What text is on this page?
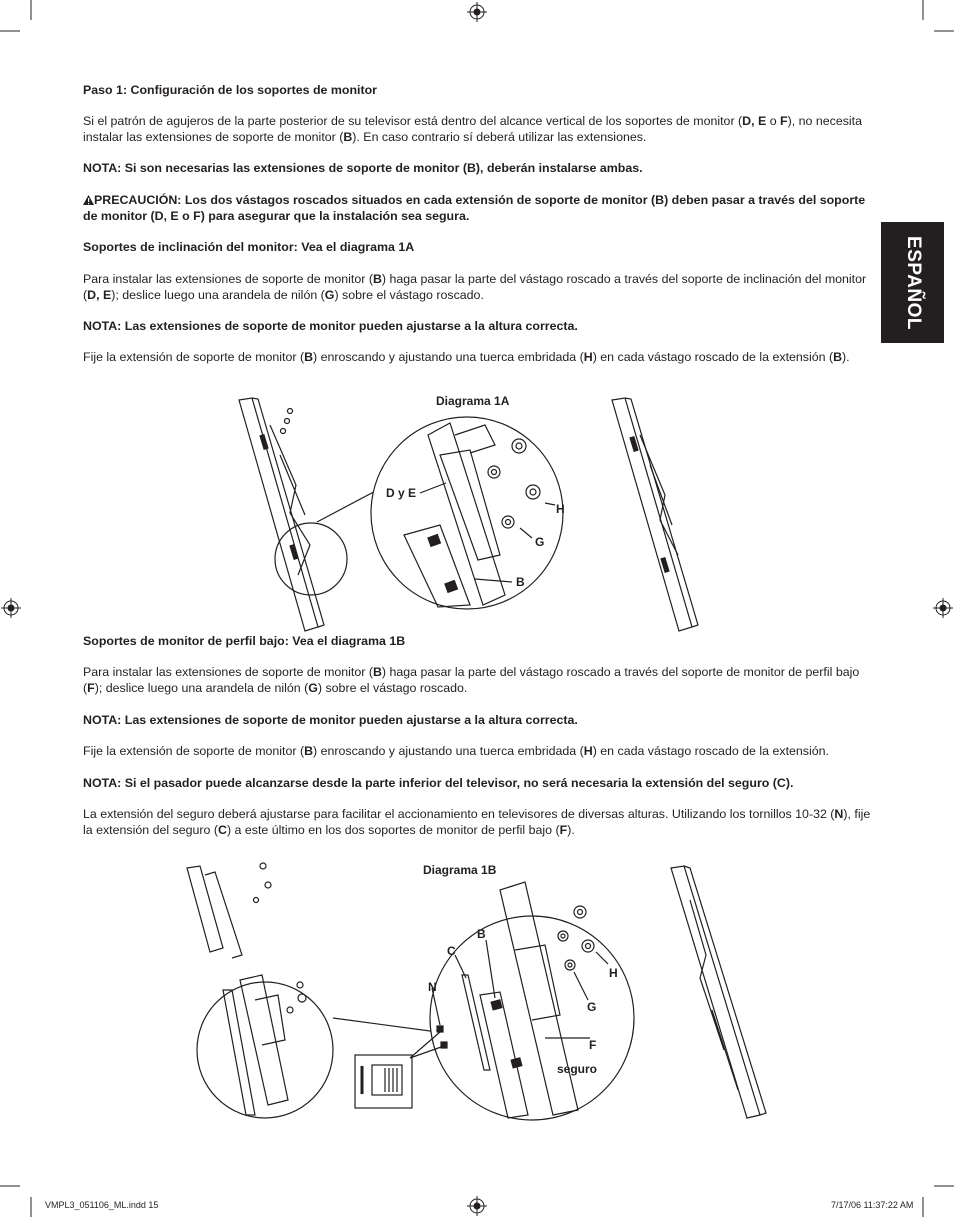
ESPAÑOL

Paso 1: Configuración de los soportes de monitor

Si el patrón de agujeros de la parte posterior de su televisor está dentro del alcance vertical de los soportes de monitor (D, E o F), no necesita instalar las extensiones de soporte de monitor (B). En caso contrario sí deberá utilizar las extensiones.

NOTA: Si son necesarias las extensiones de soporte de monitor (B), deberán instalarse ambas.

PRECAUCIÓN: Los dos vástagos roscados situados en cada extensión de soporte de monitor (B) deben pasar a través del soporte de monitor (D, E o F) para asegurar que la instalación sea segura.

Soportes de inclinación del monitor: Vea el diagrama 1A

Para instalar las extensiones de soporte de monitor (B) haga pasar la parte del vástago roscado a través del soporte de inclinación del monitor (D, E); deslice luego una arandela de nilón (G) sobre el vástago roscado.

NOTA: Las extensiones de soporte de monitor pueden ajustarse a la altura correcta.

Fije la extensión de soporte de monitor (B) enroscando y ajustando una tuerca embridada (H) en cada vástago roscado de la extensión (B).

Diagrama 1A
D y E
H
G
B

Soportes de monitor de perfil bajo: Vea el diagrama 1B

Para instalar las extensiones de soporte de monitor (B) haga pasar la parte del vástago roscado a través del soporte de monitor de perfil bajo (F); deslice luego una arandela de nilón (G) sobre el vástago roscado.

NOTA: Las extensiones de soporte de monitor pueden ajustarse a la altura correcta.

Fije la extensión de soporte de monitor (B) enroscando y ajustando una tuerca embridada (H) en cada vástago roscado de la extensión.

NOTA: Si el pasador puede alcanzarse desde la parte inferior del televisor, no será necesaria la extensión del seguro (C).

La extensión del seguro deberá ajustarse para facilitar el accionamiento en televisores de diversas alturas. Utilizando los tornillos 10-32 (N), fije la extensión del seguro (C) a este último en los dos soportes de monitor de perfil bajo (F).

Diagrama 1B
B
C
N
H
G
F
seguro
VMPL3_051106_ML.indd 15	7/17/06 11:37:22 AM
